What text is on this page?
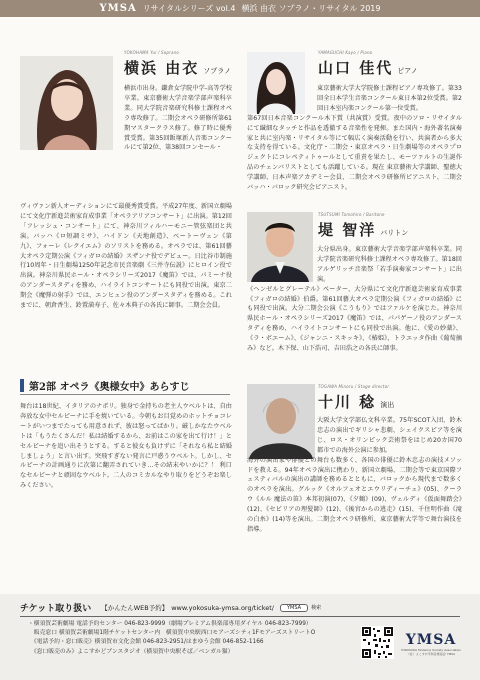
YMSA リサイタルシリーズ vol.4 横浜 由衣 ソプラノ・リサイタル 2019
YOKOHAMA Yui / Soprano
横浜 由衣 ソプラノ
横浜市出身。鎌倉女学院中学-高等学校卒業。東京藝術大学音楽学部声楽科卒業。同大学院音楽研究科修士課程オペラ専攻修了。二期会オペラ研修所第61期マスタークラス修了。修了時に優秀賞受賞。第35回飯塚新人音楽コンクールにて第2位、第38回コンセール・
ヴィヴァン新人オーディションにて最優秀賞受賞。平成27年度、新国立劇場にて文化庁新進芸術家育成事業「オペラアリアコンサート」に出演。第12回「フレッシュ・コンサート」にて、神奈川フィルハーモニー管弦楽団と共演。バッハ《ロ短調ミサ》、ハイドン《天地創造》、ベートーヴェン《第九》、フォーレ《レクイエム》のソリストを務める。オペラでは、第61回藝大オペラ定期公演《フィガロの結婚》スザンナ役でデビュー。日比谷市制施行10周年・日生劇場1250年記念市民音楽劇《三井寺伝説》にヒロイン役で出演。神奈川県民ホール・オペラシリーズ2017《魔笛》では、パミーナ役のアンダースタディを務め、ハイライトコンサートにも同役で出演。東京二期会《魔弾の射手》では、エンヒェン役のアンダースタディを務める。これまでに、朝倉香生、鈴置満寿子、佐々木典子の各氏に師事。二期会会員。
YAMAGUCHI Kayo / Piano
山口 佳代 ピアノ
東京藝術大学大学院修士課程ピアノ専攻修了。第33回全日本学生音楽コンクール東日本第2位受賞。第2回日本室内楽コンクール第一位受賞。
第67回日本音楽コンクール木下賞（共演賞）受賞。夜中のソロ・リサイタルにて繊細なタッチと作品を透徹する音楽性を発揮。また国内・海外著名演奏家と共に室内楽・リサイタル等にて幅広く演奏活動を行い、共演者から多大な支持を得ている。文化庁・二期会・東京オペラ・日生劇場等のオペラプロジェクトにコレペティトゥールとして重責を果たし、モーツァルトの生誕作品のチェンバリストとしても活躍している。現在 東京藝術大学講師、聖徳大学講師、日本声楽アカデミー会員、二期会オペラ研修所ピアニスト、二期会バッハ・バロック研究会ピアニスト。
TSUTSUMI Tomohiro / Baritone
堤 智洋 バリトン
大分県出身。東京藝術大学音楽学部声楽科卒業。同大学院音楽研究科修士課程オペラ専攻修了。第18回アルゲリッチ音楽祭「若手演奏家コンサート」に出演。
《ヘンゼルとグレーテル》ペーター、大分県にて文化庁新進芸術家育成事業《フィガロの結婚》伯爵。第61回藝大オペラ定期公演《フィガロの結婚》にも同役で出演。大分二期会公演《こうもり》ではファルケを演じた。神奈川県民ホール・オペラシリーズ2017《魔笛》では、パパゲーノ役のアンダースタディを務め、ハイライトコンサートにも同役で出演。他に、《愛の妙薬》、《ラ・ボエーム》、《ジャンニ・スキッキ》、《椿姫》、トラエッタ作曲《葡萄摘み》など。木下保、山下浩司、吉田浩之の各氏に師事。
TOGAWA Minoru / Stage director
十川 稔 演出
大阪大学文学部仏文科卒業。75年SCOT入団、鈴木忠志の演出でギリシャ悲劇、シェイクスピア等を演じ、ロス・オリンピック芸術祭をはじめ20カ国70都市での海外公演に参加。
海外の演出家や俳優との舞台も数多く、各国の俳優に鈴木忠志の演技メソッドを教える。94年オペラ演出に携わり、新国立劇場、二期会等で東京国際フェスティバルの演出の講師を務めるとともに、バロックから現代まで数多くのオペラを演出。グルック《オルフェオとエウリディーチェ》(05)、クーラウ《ルル 魔法の笛》本邦初演(07)、《夕鶴》(09)、ヴェルディ《仮面舞踏会》(12)、《セビリアの理髪師》(12)、《後宮からの逃走》(15)、千住明作曲《滝の白糸》(14)等を演出。二期会オペラ研修所、東京藝術大学等で舞台演技を指導。
第2部 オペラ《奥様女中》あらすじ
舞台は18世紀、イタリアのナポリ。独身で金持ちの老主人ウベルトは、自由奔放な女中セルピーナに手を焼いている。今朝もお目覚めのホットチョコレートがいつまでたっても用意されず、彼は怒ってばかり。厳しかなたウベルトは「もうたくさんだ！私は結婚するから、お前はこの家を出て行け！」とセルピーナを追い出そうとする。すると彼女も負けずに「それなら私と結婚しましょう」と言い出す。突飛すぎない発言に戸惑うウベルト。しかし、セルピーナの計画通りに次第に翻弄されていき…その結末やいかに？！ 利口なセルピーナと頑固なウベルト。二人のコミカルなやり取りをどうぞお楽しみください。
チケット取り扱い 【かんたんWEB予約】 www.yokosuka-ymsa.org/ticket/	YMSA	検索
・横須賀芸術劇場 電話予約センター 046-823-9999（劇場プレミアム倶楽部専用ダイヤル 046-823-7999）
　販売窓口 横須賀芸術劇場1階チケットセンター内　横須賀中央駅西口モアーズシティ1FモアーズストリートO
　《電話予約・窓口販売》横須賀市文化会館 046-823-2951/はまゆう会館 046-852-1166
　《窓口販売のみ》よこすかどブンスタジオ（横須賀中央駅そば／ベンガル猫）
YMSA
YOKOSUKA Moderne Society Association
（社）よこすか平和音楽協会 YMSA
